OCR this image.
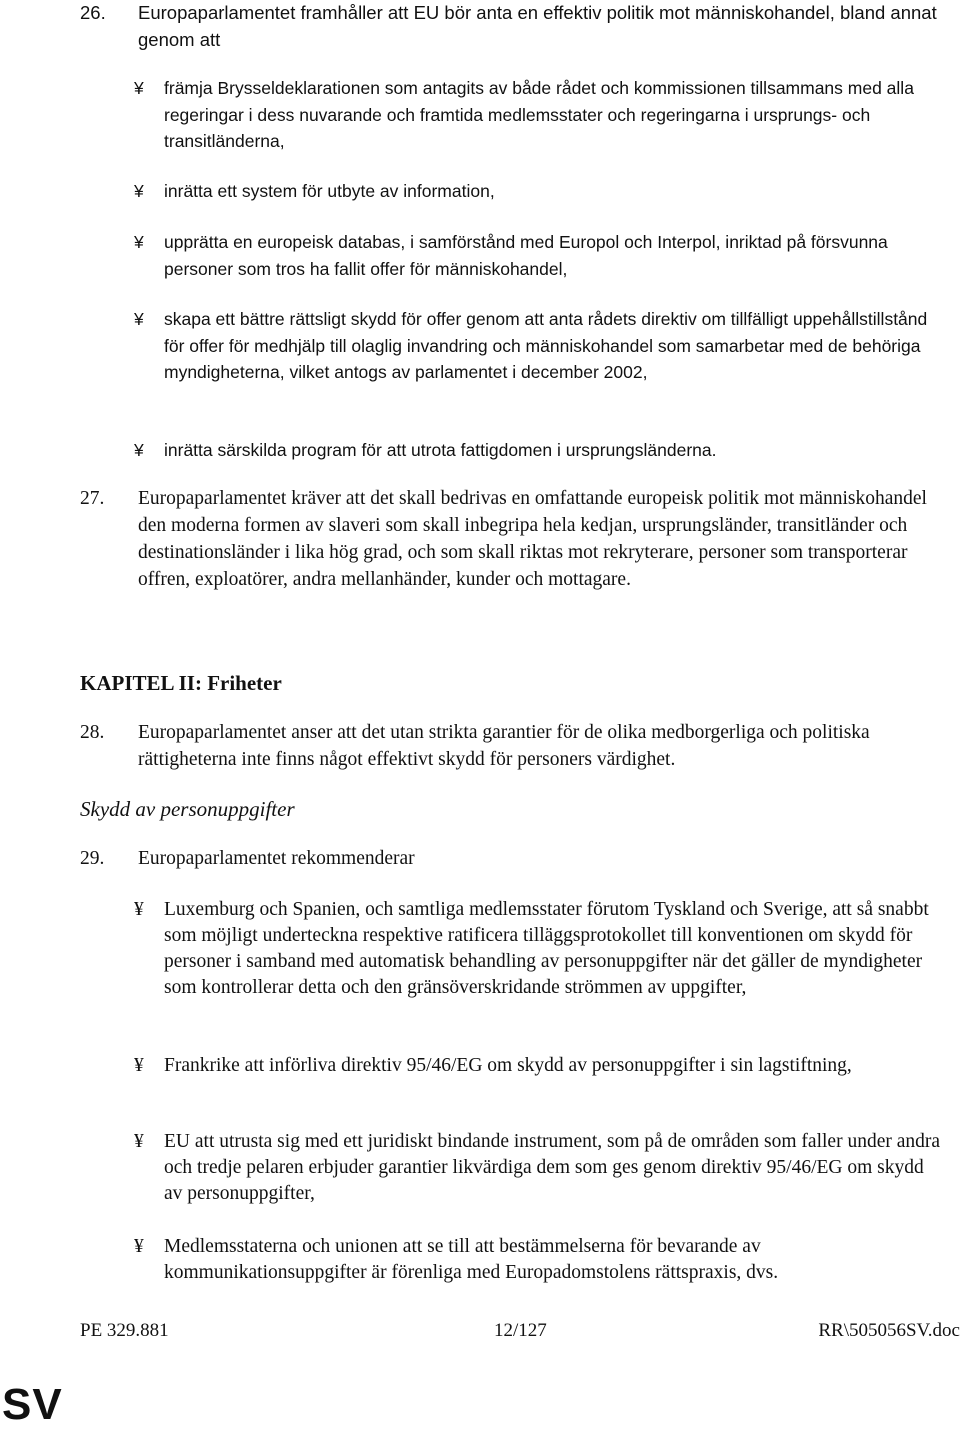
26. Europaparlamentet framhåller att EU bör anta en effektiv politik mot människohandel, bland annat genom att
¥ främja Brysseldeklarationen som antagits av både rådet och kommissionen tillsammans med alla regeringar i dess nuvarande och framtida medlemsstater och regeringarna i ursprungs- och transitländerna,
¥ inrätta ett system för utbyte av information,
¥ upprätta en europeisk databas, i samförstånd med Europol och Interpol, inriktad på försvunna personer som tros ha fallit offer för människohandel,
¥ skapa ett bättre rättsligt skydd för offer genom att anta rådets direktiv om tillfälligt uppehållstillstånd för offer för medhjälp till olaglig invandring och människohandel som samarbetar med de behöriga myndigheterna, vilket antogs av parlamentet i december 2002,
¥ inrätta särskilda program för att utrota fattigdomen i ursprungsländerna.
27. Europaparlamentet kräver att det skall bedrivas en omfattande europeisk politik mot människohandel den moderna formen av slaveri som skall inbegripa hela kedjan, ursprungsländer, transitländer och destinationsländer i lika hög grad, och som skall riktas mot rekryterare, personer som transporterar offren, exploatörer, andra mellanhänder, kunder och mottagare.
KAPITEL II: Friheter
28. Europaparlamentet anser att det utan strikta garantier för de olika medborgerliga och politiska rättigheterna inte finns något effektivt skydd för personers värdighet.
Skydd av personuppgifter
29. Europaparlamentet rekommenderar
¥ Luxemburg och Spanien, och samtliga medlemsstater förutom Tyskland och Sverige, att så snabbt som möjligt underteckna respektive ratificera tilläggsprotokollet till konventionen om skydd för personer i samband med automatisk behandling av personuppgifter när det gäller de myndigheter som kontrollerar detta och den gränsöverskridande strömmen av uppgifter,
¥ Frankrike att införliva direktiv 95/46/EG om skydd av personuppgifter i sin lagstiftning,
¥ EU att utrusta sig med ett juridiskt bindande instrument, som på de områden som faller under andra och tredje pelaren erbjuder garantier likvärdiga dem som ges genom direktiv 95/46/EG om skydd av personuppgifter,
¥ Medlemsstaterna och unionen att se till att bestämmelserna för bevarande av kommunikationsuppgifter är förenliga med Europadomstolens rättspraxis, dvs.
PE 329.881	12/127	RR\505056SV.doc
SV
